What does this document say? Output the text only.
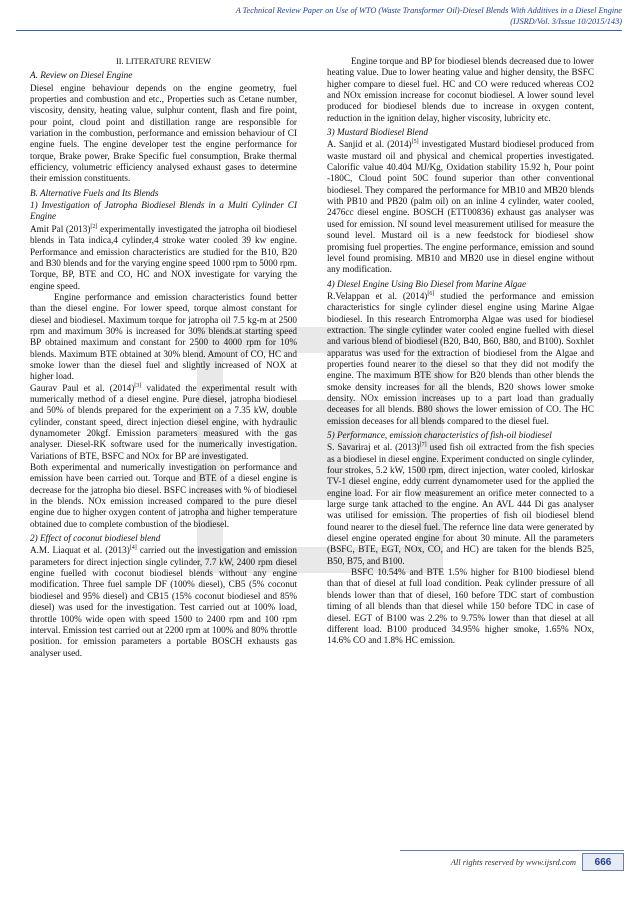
A Technical Review Paper on Use of WTO (Waste Transformer Oil)-Diesel Blends With Additives in a Diesel Engine
(IJSRD/Vol. 3/Issue 10/2015/143)

II. LITERATURE REVIEW

A. Review on Diesel Engine

Diesel engine behaviour depends on the engine geometry, fuel properties and combustion and etc., Properties such as Cetane number, viscosity, density, heating value, sulphur content, flash and fire point, pour point, cloud point and distillation range are responsible for variation in the combustion, performance and emission behaviour of CI engine fuels. The engine developer test the engine performance for torque, Brake power, Brake Specific fuel consumption, Brake thermal efficiency, volumetric efficiency analysed exhaust gases to determine their emission constituents.

B. Alternative Fuels and Its Blends

1) Investigation of Jatropha Biodiesel Blends in a Multi Cylinder CI Engine

Amit Pal (2013)[2] experimentally investigated the jatropha oil biodiesel blends in Tata indica,4 cylinder,4 stroke water cooled 39 kw engine. Performance and emission characteristics are studied for the B10, B20 and B30 blends and for the varying engine speed 1000 rpm to 5000 rpm. Torque, BP, BTE and CO, HC and NOX investigate for varying the engine speed.

Engine performance and emission characteristics found better than the diesel engine. For lower speed, torque almost constant for diesel and biodiesel. Maximum torque for jatropha oil 7.5 kg-m at 2500 rpm and maximum 30% is increased for 30% blends.at starting speed BP obtained maximum and constant for 2500 to 4000 rpm for 10% blends. Maximum BTE obtained at 30% blend. Amount of CO, HC and smoke lower than the diesel fuel and slightly increased of NOX at higher load.

Gaurav Paul et al. (2014)[3] validated the experimental result with numerically method of a diesel engine. Pure diesel, jatropha biodiesel and 50% of blends prepared for the experiment on a 7.35 kW, double cylinder, constant speed, direct injection diesel engine, with hydraulic dynamometer 20kgf. Emission parameters measured with the gas analyser. Diesel-RK software used for the numerically investigation. Variations of BTE, BSFC and NOx for BP are investigated.

Both experimental and numerically investigation on performance and emission have been carried out. Torque and BTE of a diesel engine is decrease for the jatropha bio diesel. BSFC increases with % of biodiesel in the blends. NOx emission increased compared to the pure diesel engine due to higher oxygen content of jatropha and higher temperature obtained due to complete combustion of the biodiesel.

2) Effect of coconut biodiesel blend

A.M. Liaquat et al. (2013)[4] carried out the investigation and emission parameters for direct injection single cylinder, 7.7 kW, 2400 rpm diesel engine fuelled with coconut biodiesel blends without any engine modification. Three fuel sample DF (100% diesel), CB5 (5% coconut biodiesel and 95% diesel) and CB15 (15% coconut biodiesel and 85% diesel) was used for the investigation. Test carried out at 100% load, throttle 100% wide open with speed 1500 to 2400 rpm and 100 rpm interval. Emission test carried out at 2200 rpm at 100% and 80% throttle position. for emission parameters a portable BOSCH exhausts gas analyser used.

Engine torque and BP for biodiesel blends decreased due to lower heating value. Due to lower heating value and higher density, the BSFC higher compare to diesel fuel. HC and CO were reduced whereas CO2 and NOx emission increase for coconut biodiesel. A lower sound level produced for biodiesel blends due to increase in oxygen content, reduction in the ignition delay, higher viscosity, lubricity etc.

3) Mustard Biodiesel Blend

A. Sanjid et al. (2014)[5] investigated Mustard biodiesel produced from waste mustard oil and physical and chemical properties investigated. Calorific value 40.404 MJ/Kg, Oxidation stability 15.92 h, Pour point -180C, Cloud point 50C found superior than other conventional biodiesel. They compared the performance for MB10 and MB20 blends with PB10 and PB20 (palm oil) on an inline 4 cylinder, water cooled, 2476cc diesel engine. BOSCH (ETT00836) exhaust gas analyser was used for emission. NI sound level measurement utilised for measure the sound level. Mustard oil is a new feedstock for biodiesel show promising fuel properties. The engine performance, emission and sound level found promising. MB10 and MB20 use in diesel engine without any modification.

4) Diesel Engine Using Bio Diesel from Marine Algae

R.Velappan et al. (2014)[6] studied the performance and emission characteristics for single cylinder diesel engine using Marine Algae biodiesel. In this research Entromorpha Algae was used for biodiesel extraction. The single cylinder water cooled engine fuelled with diesel and various blend of biodiesel (B20, B40, B60, B80, and B100). Soxhlet apparatus was used for the extraction of biodiesel from the Algae and properties found nearer to the diesel so that they did not modify the engine. The maximum BTE show for B20 blends than other blends the smoke density increases for all the blends, B20 shows lower smoke density. NOx emission increases up to a part load than gradually deceases for all blends. B80 shows the lower emission of CO. The HC emission deceases for all blends compared to the diesel fuel.

5) Performance, emission characteristics of fish-oil biodiesel

S. Savariraj et al. (2013)[7] used fish oil extracted from the fish species as a biodiesel in diesel engine. Experiment conducted on single cylinder, four strokes, 5.2 kW, 1500 rpm, direct injection, water cooled, kirloskar TV-1 diesel engine, eddy current dynamometer used for the applied the engine load. For air flow measurement an orifice meter connected to a large surge tank attached to the engine. An AVL 444 Di gas analyser was utilised for emission. The properties of fish oil biodiesel blend found nearer to the diesel fuel. The refernce line data were generated by diesel engine operated engine for about 30 minute. All the parameters (BSFC, BTE, EGT, NOx, CO, and HC) are taken for the blends B25, B50, B75, and B100.

BSFC 10.54% and BTE 1.5% higher for B100 biodiesel blend than that of diesel at full load condition. Peak cylinder pressure of all blends lower than that of diesel, 160 before TDC start of combustion timing of all blends than that diesel while 150 before TDC in case of diesel. EGT of B100 was 2.2% to 9.75% lower than that diesel at all different load. B100 produced 34.95% higher smoke, 1.65% NOx, 14.6% CO and 1.8% HC emission.

All rights reserved by www.ijsrd.com	666
